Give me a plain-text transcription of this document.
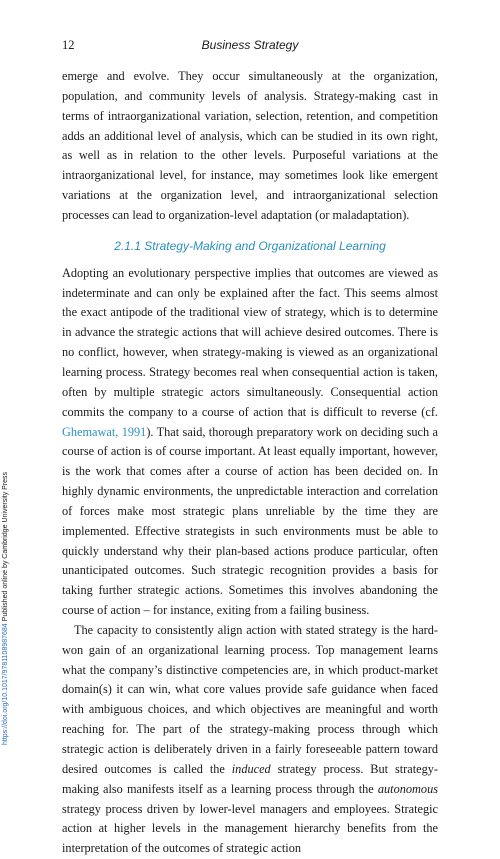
12	Business Strategy

emerge and evolve. They occur simultaneously at the organization, population, and community levels of analysis. Strategy-making cast in terms of intraorganizational variation, selection, retention, and competition adds an additional level of analysis, which can be studied in its own right, as well as in relation to the other levels. Purposeful variations at the intraorganizational level, for instance, may sometimes look like emergent variations at the organization level, and intraorganizational selection processes can lead to organization-level adaptation (or maladaptation).

2.1.1 Strategy-Making and Organizational Learning

Adopting an evolutionary perspective implies that outcomes are viewed as indeterminate and can only be explained after the fact. This seems almost the exact antipode of the traditional view of strategy, which is to determine in advance the strategic actions that will achieve desired outcomes. There is no conflict, however, when strategy-making is viewed as an organizational learning process. Strategy becomes real when consequential action is taken, often by multiple strategic actors simultaneously. Consequential action commits the company to a course of action that is difficult to reverse (cf. Ghemawat, 1991). That said, thorough preparatory work on deciding such a course of action is of course important. At least equally important, however, is the work that comes after a course of action has been decided on. In highly dynamic environments, the unpredictable interaction and correlation of forces make most strategic plans unreliable by the time they are implemented. Effective strategists in such environments must be able to quickly understand why their plan-based actions produce particular, often unanticipated outcomes. Such strategic recognition provides a basis for taking further strategic actions. Sometimes this involves abandoning the course of action – for instance, exiting from a failing business.

The capacity to consistently align action with stated strategy is the hard-won gain of an organizational learning process. Top management learns what the company’s distinctive competencies are, in which product-market domain(s) it can win, what core values provide safe guidance when faced with ambiguous choices, and which objectives are meaningful and worth reaching for. The part of the strategy-making process through which strategic action is deliberately driven in a fairly foreseeable pattern toward desired outcomes is called the induced strategy process. But strategy-making also manifests itself as a learning process through the autonomous strategy process driven by lower-level managers and employees. Strategic action at higher levels in the management hierarchy benefits from the interpretation of the outcomes of strategic action

https://doi.org/10.1017/9781108987684 Published online by Cambridge University Press
